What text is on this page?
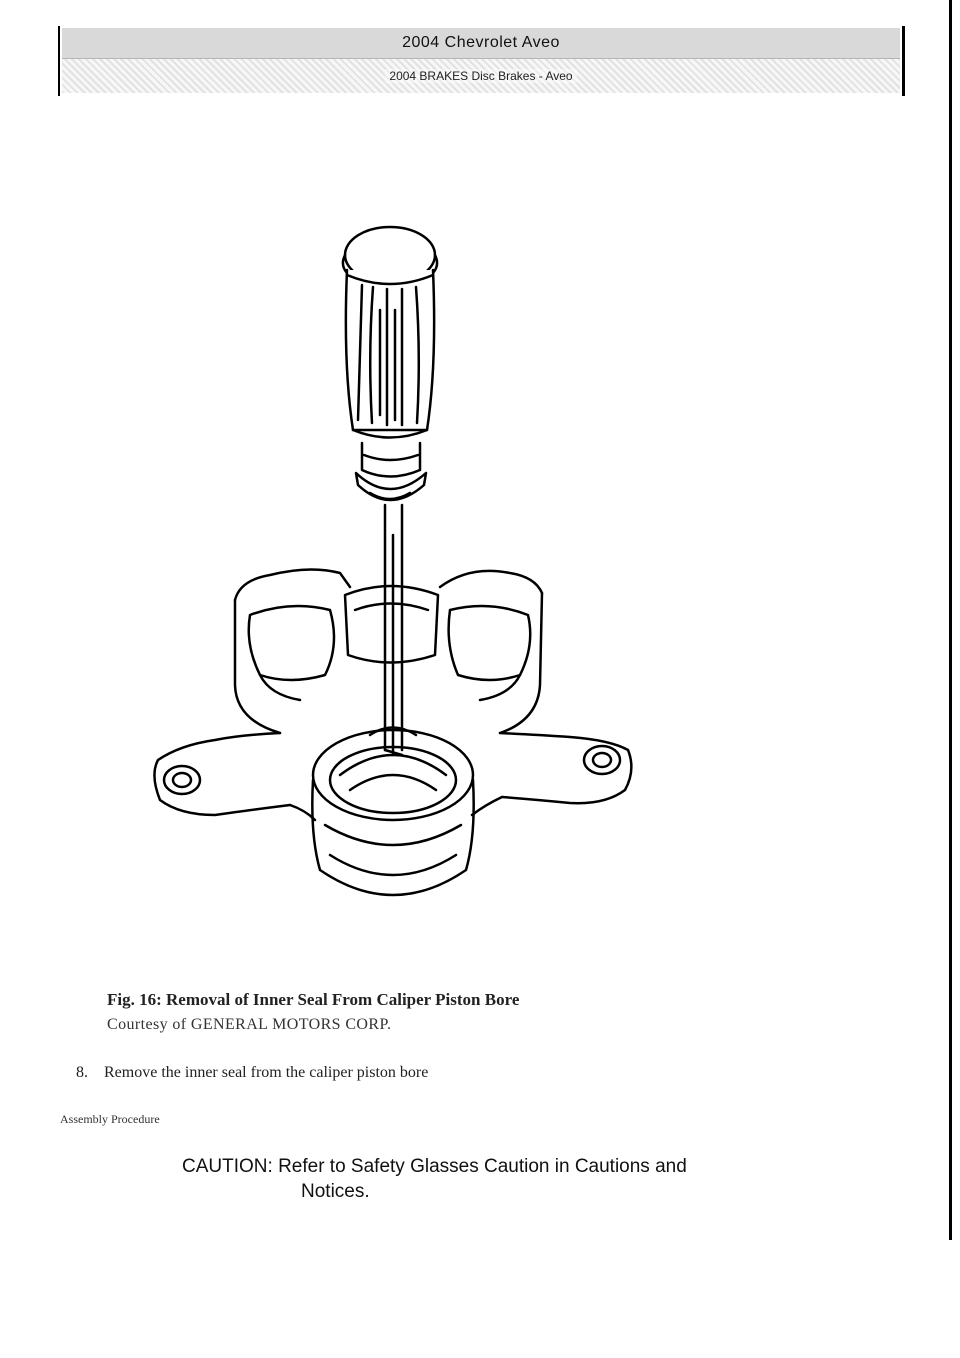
2004 Chevrolet Aveo
2004 BRAKES Disc Brakes - Aveo
Fig. 16: Removal of Inner Seal From Caliper Piston Bore
Courtesy of GENERAL MOTORS CORP.
8. Remove the inner seal from the caliper piston bore
Assembly Procedure
CAUTION: Refer to Safety Glasses Caution in Cautions and
Notices.
